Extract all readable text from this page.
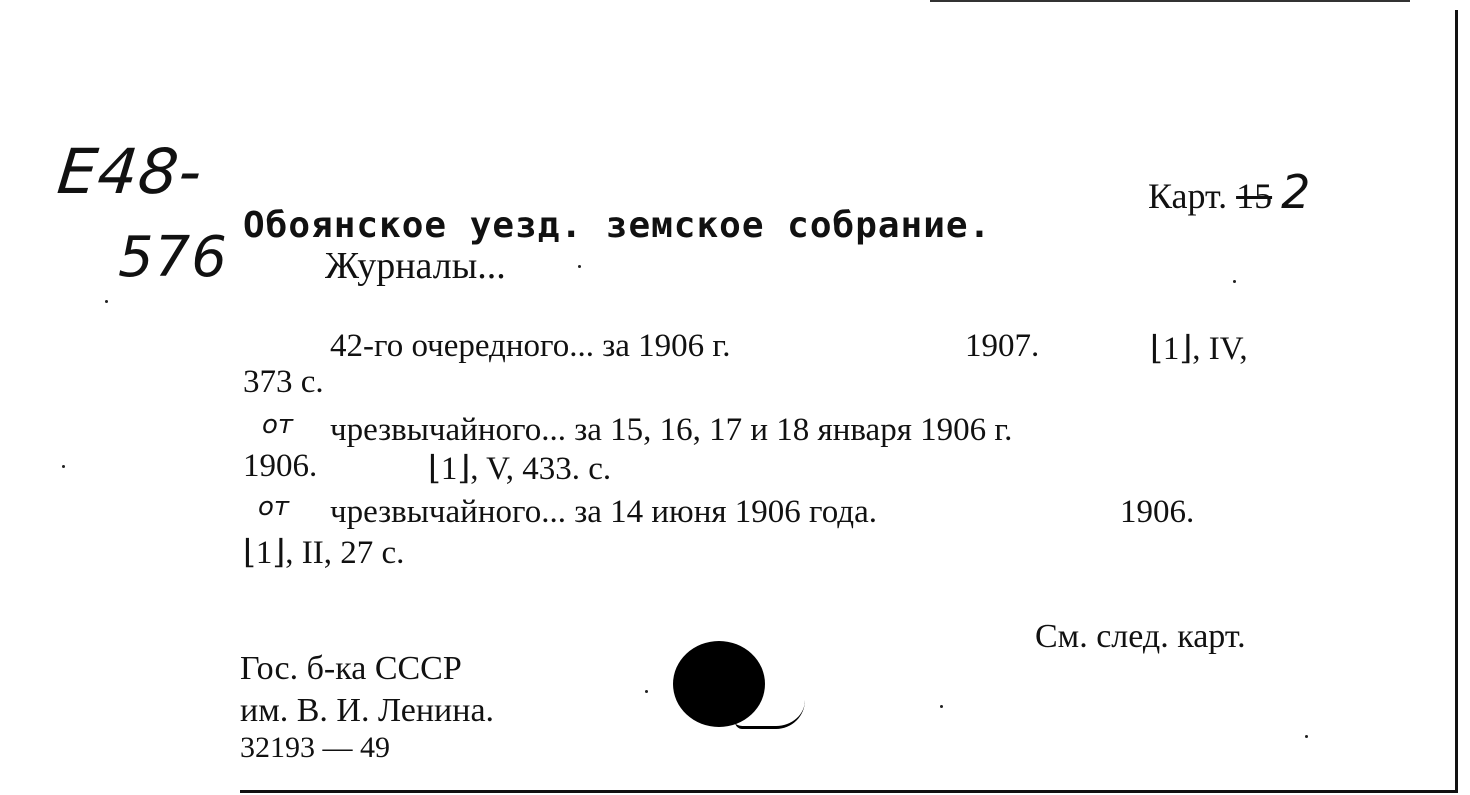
Е48-
576
Карт. 15 2
Обоянское уезд. земское собрание.
Журналы...
42-го очередного... за 1906 г.	1907.	⌊1⌋, IV,
373 с.
от чрезвычайного... за 15, 16, 17 и 18 января 1906 г.
1906.	⌊1⌋, V, 433. с.
от чрезвычайного... за 14 июня 1906 года.	1906.
⌊1⌋, II, 27 с.
См. след. карт.
Гос. б-ка СССР
им. В. И. Ленина.
32193 — 49
